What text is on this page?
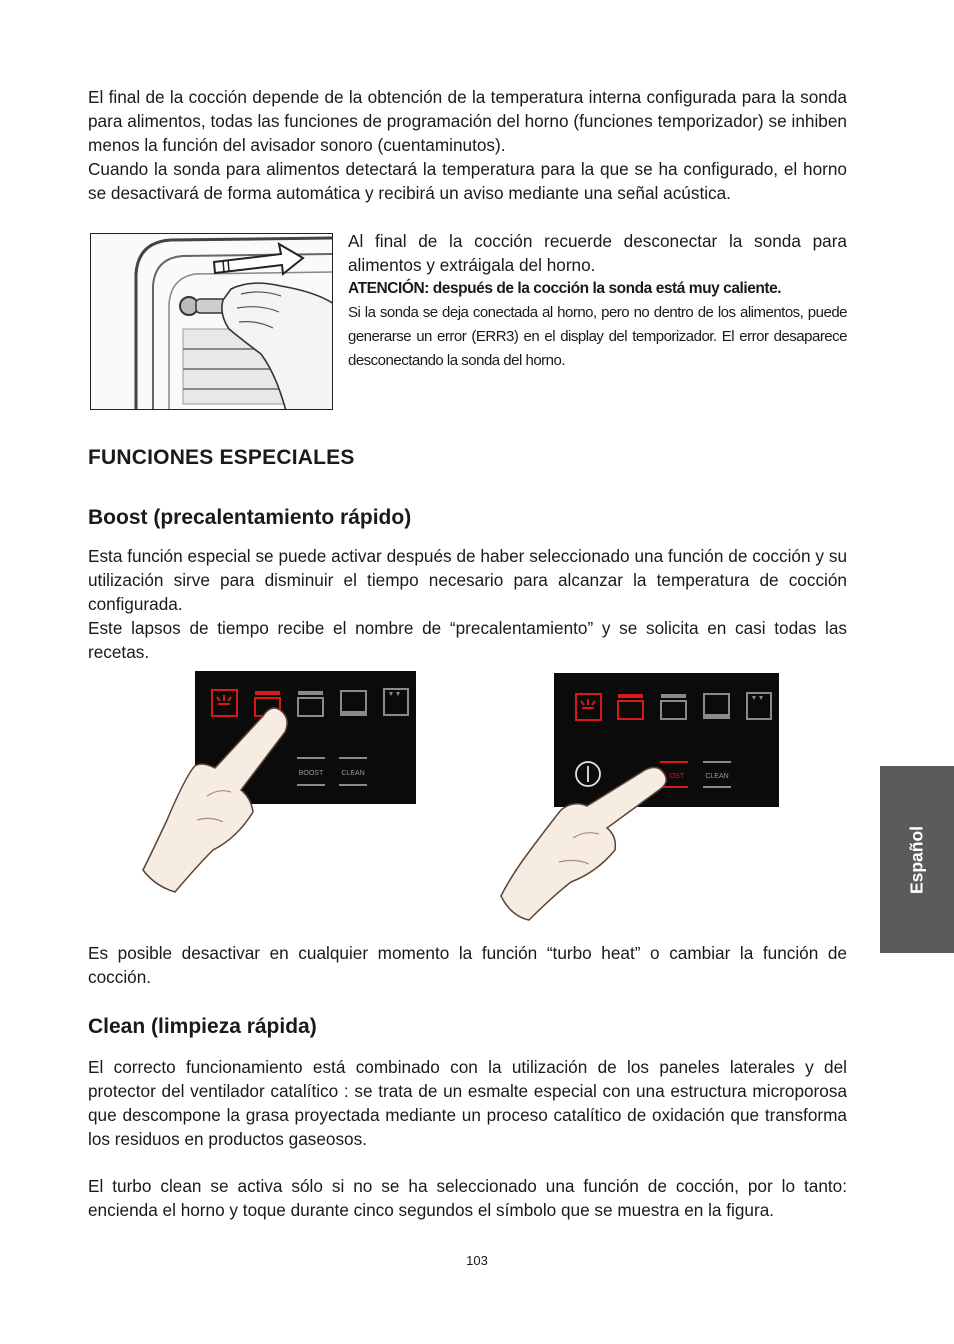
El final de la cocción depende de la obtención de la temperatura interna configurada para la sonda para alimentos, todas las funciones de programación del horno (funciones temporizador) se inhiben menos la función del avisador sonoro (cuentaminutos).
Cuando la sonda para alimentos detectará la temperatura para la que se ha configurado, el horno se desactivará de forma automática y recibirá un aviso mediante una señal acústica.
Al final de la cocción recuerde desconectar la sonda para alimentos y extráigala del horno.
ATENCIÓN: después de la cocción la sonda está muy caliente.
Si la sonda se deja conectada al horno, pero no dentro de los alimentos, puede generarse un error (ERR3) en el display del temporizador. El error desaparece desconectando la sonda del horno.
FUNCIONES ESPECIALES
Boost (precalentamiento rápido)
Esta función especial se puede activar después de haber seleccionado una función de cocción y su utilización sirve para disminuir el tiempo necesario para alcanzar la temperatura de cocción configurada.
Este lapsos de tiempo recibe el nombre de “precalentamiento” y se solicita en casi todas las recetas.
BOOST	CLEAN	OST	CLEAN
Es posible desactivar en cualquier momento la función “turbo heat” o cambiar la función de cocción.
Clean (limpieza rápida)
El correcto funcionamiento está combinado con la utilización de los paneles laterales y del protector del ventilador catalítico : se trata de un esmalte especial con una estructura microporosa que descompone la grasa proyectada mediante un proceso catalítico de oxidación que transforma los residuos en productos gaseosos.
El turbo clean se activa sólo si no se ha seleccionado una función de cocción, por lo tanto: encienda el horno y toque durante cinco segundos el símbolo que se muestra en la figura.
Español
103
